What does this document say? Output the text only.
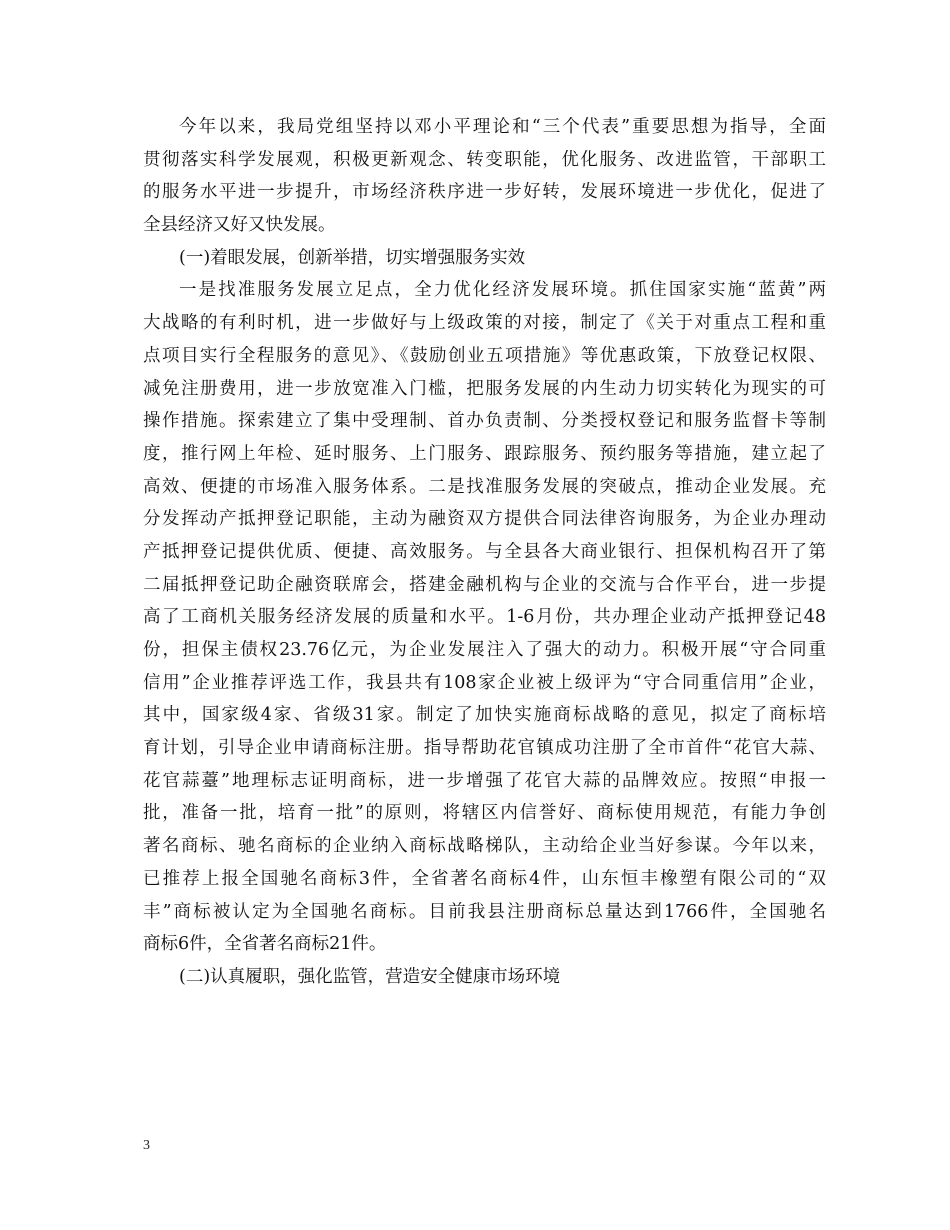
今年以来，我局党组坚持以邓小平理论和“三个代表”重要思想为指导，全面
贯彻落实科学发展观，积极更新观念、转变职能，优化服务、改进监管，干部职工
的服务水平进一步提升，市场经济秩序进一步好转，发展环境进一步优化，促进了
全县经济又好又快发展。
(一)着眼发展，创新举措，切实增强服务实效
一是找准服务发展立足点，全力优化经济发展环境。抓住国家实施“蓝黄”两
大战略的有利时机，进一步做好与上级政策的对接，制定了《关于对重点工程和重
点项目实行全程服务的意见》、《鼓励创业五项措施》等优惠政策，下放登记权限、
减免注册费用，进一步放宽准入门槛，把服务发展的内生动力切实转化为现实的可
操作措施。探索建立了集中受理制、首办负责制、分类授权登记和服务监督卡等制
度，推行网上年检、延时服务、上门服务、跟踪服务、预约服务等措施，建立起了
高效、便捷的市场准入服务体系。二是找准服务发展的突破点，推动企业发展。充
分发挥动产抵押登记职能，主动为融资双方提供合同法律咨询服务，为企业办理动
产抵押登记提供优质、便捷、高效服务。与全县各大商业银行、担保机构召开了第
二届抵押登记助企融资联席会，搭建金融机构与企业的交流与合作平台，进一步提
高了工商机关服务经济发展的质量和水平。1-6月份，共办理企业动产抵押登记48
份，担保主债权23.76亿元，为企业发展注入了强大的动力。积极开展“守合同重
信用”企业推荐评选工作，我县共有108家企业被上级评为“守合同重信用”企业，
其中，国家级4家、省级31家。制定了加快实施商标战略的意见，拟定了商标培
育计划，引导企业申请商标注册。指导帮助花官镇成功注册了全市首件“花官大蒜、
花官蒜薹”地理标志证明商标，进一步增强了花官大蒜的品牌效应。按照“申报一
批，准备一批，培育一批”的原则，将辖区内信誉好、商标使用规范，有能力争创
著名商标、驰名商标的企业纳入商标战略梯队，主动给企业当好参谋。今年以来，
已推荐上报全国驰名商标3件，全省著名商标4件，山东恒丰橡塑有限公司的“双
丰”商标被认定为全国驰名商标。目前我县注册商标总量达到1766件，全国驰名
商标6件，全省著名商标21件。
(二)认真履职，强化监管，营造安全健康市场环境
3
